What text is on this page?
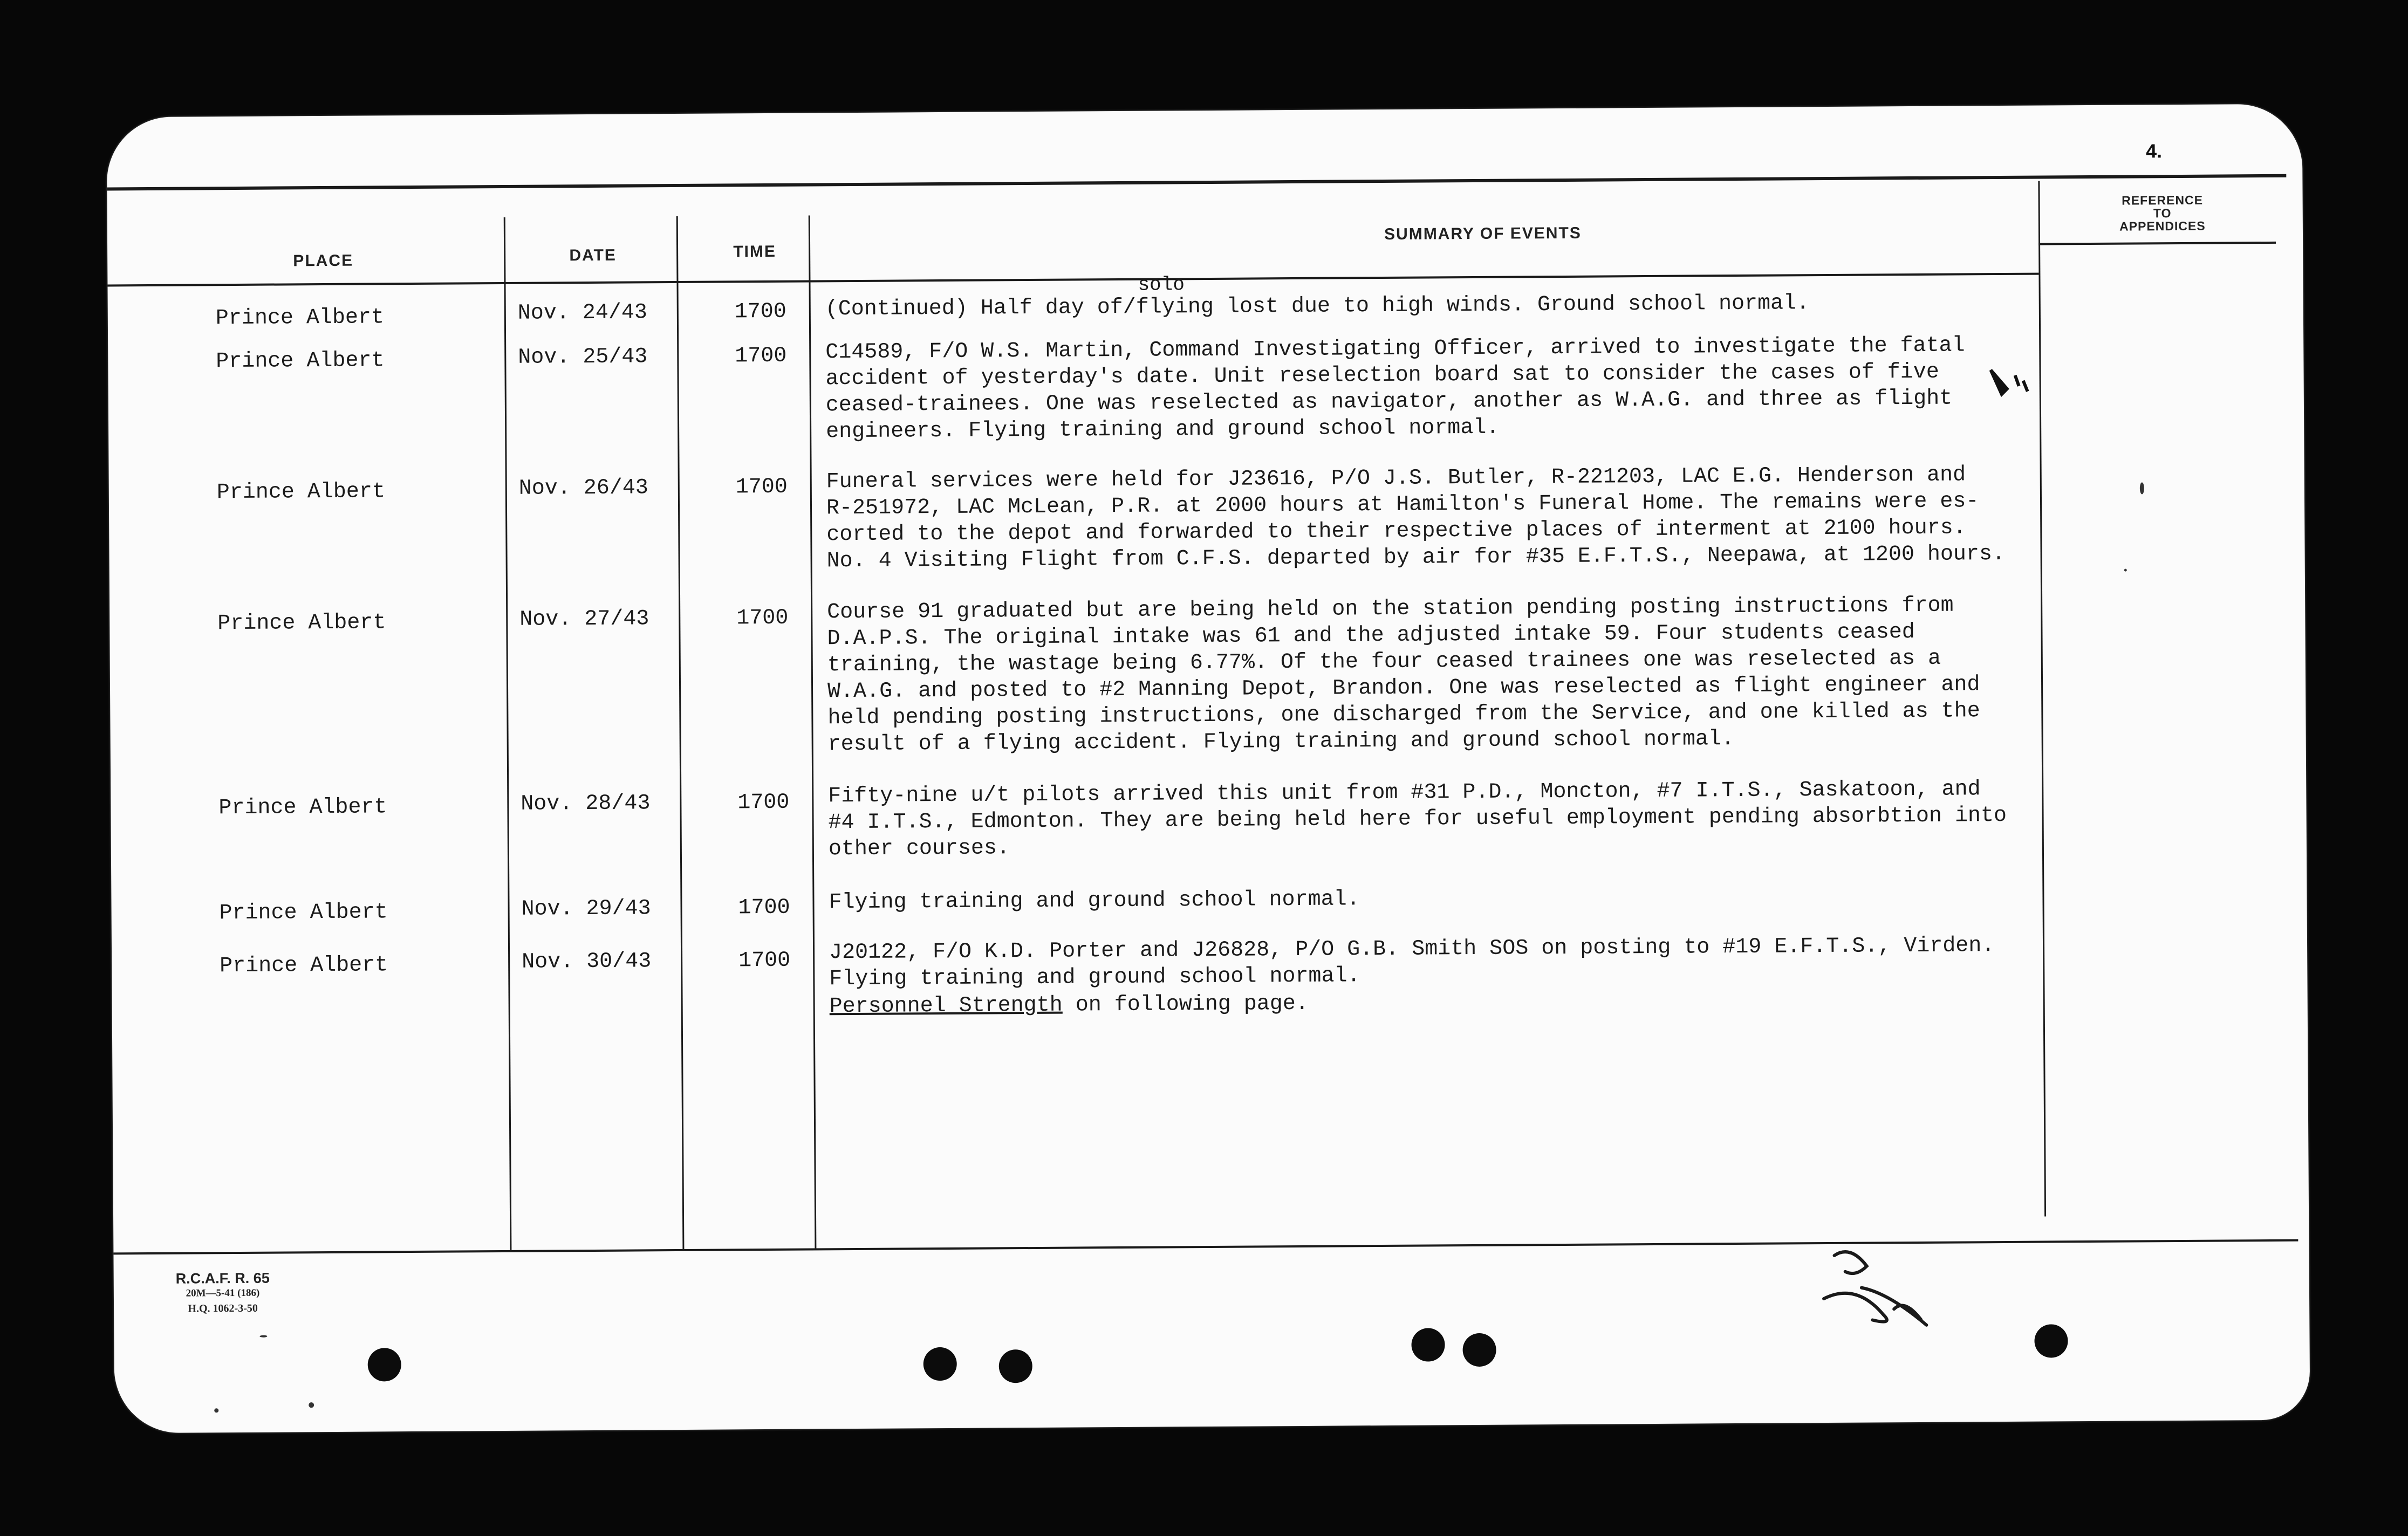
4.
PLACE	DATE	TIME
SUMMARY OF EVENTS
REFERENCE
TO
APPENDICES
solo
Prince Albert	Nov. 24/43	1700	(Continued) Half day of/flying lost due to high winds. Ground school normal.
Prince Albert	Nov. 25/43	1700	C14589, F/O W.S. Martin, Command Investigating Officer, arrived to investigate the fatal
accident of yesterday's date. Unit reselection board sat to consider the cases of five
ceased-trainees. One was reselected as navigator, another as W.A.G. and three as flight
engineers. Flying training and ground school normal.
Prince Albert	Nov. 26/43	1700	Funeral services were held for J23616, P/O J.S. Butler, R-221203, LAC E.G. Henderson and
R-251972, LAC McLean, P.R. at 2000 hours at Hamilton's Funeral Home. The remains were es-
corted to the depot and forwarded to their respective places of interment at 2100 hours.
No. 4 Visiting Flight from C.F.S. departed by air for #35 E.F.T.S., Neepawa, at 1200 hours.
Prince Albert	Nov. 27/43	1700	Course 91 graduated but are being held on the station pending posting instructions from
D.A.P.S. The original intake was 61 and the adjusted intake 59. Four students ceased
training, the wastage being 6.77%. Of the four ceased trainees one was reselected as a
W.A.G. and posted to #2 Manning Depot, Brandon. One was reselected as flight engineer and
held pending posting instructions, one discharged from the Service, and one killed as the
result of a flying accident. Flying training and ground school normal.
Prince Albert	Nov. 28/43	1700	Fifty-nine u/t pilots arrived this unit from #31 P.D., Moncton, #7 I.T.S., Saskatoon, and
#4 I.T.S., Edmonton. They are being held here for useful employment pending absorbtion into
other courses.
Prince Albert	Nov. 29/43	1700	Flying training and ground school normal.
Prince Albert	Nov. 30/43	1700	J20122, F/O K.D. Porter and J26828, P/O G.B. Smith SOS on posting to #19 E.F.T.S., Virden.
Flying training and ground school normal.
Personnel Strength on following page.
R.C.A.F. R. 65
20M—5-41 (186)
H.Q. 1062-3-50
